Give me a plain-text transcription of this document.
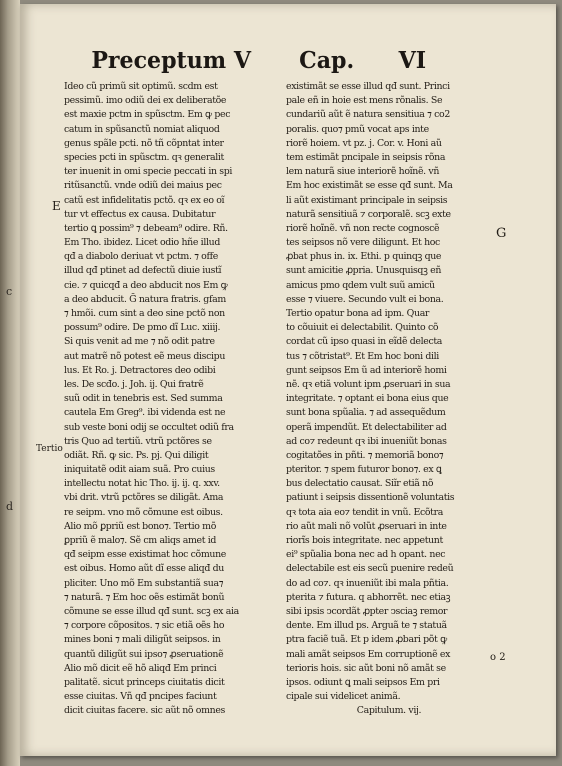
c
d
Preceptum V Cap. VI
Ideo cũ primũ sit optimũ. scdm est
pessimũ. imo odiũ dei ex deliberatõe
est maxie pctm in spũsctm. Em ꝙ pec
catum in spũsanctũ nomiat aliquod
genus spãle pcti. nõ tñ cõpntat inter
species pcti in spũsctm. qꝛ generalit
ter inuenit in omi specie peccati in spi
ritũsanctũ. vnde odiũ dei maius pec
catũ est infidelitatis pctõ. qꝛ ex eo oĩ
tur vt effectus ex causa. Dubitatur
tertio ꝗ possim⁹ ⁊ debeam⁹ odire. Rñ.
Em Tho. ibidez. Licet odio hñe illud
qđ a diabolo deriuat vt pctm. ⁊ offe
illud qđ ptinet ad defectũ diuie iustĩ
cie. ⁊ quicqđ a deo abducit nos Em ꝙ
a deo abducit. Ḡ natura fratris. gfam
⁊ hmõi. cum sint a deo sine pctõ non
possum⁹ odire. De pmo dĩ Luc. xiiij.
Si quis venit ad me ⁊ nõ odit patre
aut matrẽ nõ potest eẽ meus discipu
lus. Et Ro. j. Detractores deo odibi
les. De scđo. j. Joh. ij. Qui fratrẽ
suũ odit in tenebris est. Sed summa
cautela Em Greg⁹. ibi videnda est ne
sub veste boni odij se occultet odiũ fra
tris Quo ad tertiũ. vtrũ pctõres se
odiãt. Rñ. ꝙ sic. Ps. pj. Qui diligit
iniquitatẽ odit aiam suã. Pro cuius
intellectu notat hic Tho. ij. ij. q. xxv.
vbi drit. vtrũ pctõres se diligãt. Ama
re seipm. vno mõ cõmune est oibus.
Alio mõ ꝑpriũ est bono⁊. Tertio mõ
ꝑpriũ ẽ malo⁊. Sẽ cm aliqs amet id
qđ seipm esse existimat hoc cõmune
est oibus. Homo aũt dĩ esse aliqđ du
pliciter. Uno mõ Em substantiã sua⁊
⁊ naturã. ⁊ Em hoc oẽs estimãt bonũ
cõmune se esse illud qđ sunt. scꝫ ex aia
⁊ corpore cõpositos. ⁊ sic etiã oẽs ho
mines boni ⁊ mali diligũt seipsos. in
quantũ diligũt sui ipso⁊ ꝓseruationẽ
Alio mõ dicit eẽ hõ aliqđ Em princi
palitatẽ. sicut princeps ciuitatis dicit
esse ciuitas. Vñ qđ pncipes faciunt
dicit ciuitas facere. sic aũt nõ omnes
existimãt se esse illud qđ sunt. Princi
pale eñ in hoie est mens rõnalis. Se
cundariũ aũt ẽ natura sensitiua ⁊ co2
poralis. quo⁊ pmũ vocat aps inte
riorẽ hoiem. vt pz. j. Cor. v. Honi aũ
tem estimãt pncipale in seipsis rõna
lem naturã siue interiorẽ hoĩnẽ. vñ
Em hoc existimãt se esse qđ sunt. Ma
li aũt existimant principale in seipsis
naturã sensitiuã ⁊ corporalẽ. scꝫ exte
riorẽ hoĩnẽ. vñ non recte cognoscẽ
tes seipsos nõ vere diligunt. Et hoc
ꝓbat phus in. ix. Ethi. p quinqꝫ que
sunt amicitie ꝓpria. Unusquisqꝫ eñ
amicus pmo qdem vult suũ amicũ
esse ⁊ viuere. Secundo vult ei bona.
Tertio opatur bona ad ipm. Quar
to cõuiuit ei delectabilit. Quinto cõ
cordat cũ ipso quasi in eĩdẽ delecta
tus ⁊ cõtristat⁹. Et Em hoc boni dili
gunt seipsos Em ũ ad interiorẽ homi
nẽ. qꝛ etiã volunt ipm ꝓseruari in sua
integritate. ⁊ optant ei bona eius que
sunt bona spũalia. ⁊ ad assequẽdum
operã impendũt. Et delectabiliter ad
ad co⁊ redeunt qꝛ ibi inueniũt bonas
cogitatões in pñti. ⁊ memoriã bono⁊
pteritor. ⁊ spem futuror bono⁊. ex ꝗ
bus delectatio causat. Siĩr etiã nõ
patiunt i seipsis dissentionẽ voluntatis
qꝛ tota aia eo⁊ tendit in vnũ. Ecõtra
rio aũt mali nõ volũt ꝓseruari in inte
riorĩs bois integritate. nec appetunt
ei⁹ spũalia bona nec ad h opant. nec
delectabile est eis secũ puenire redeũ
do ad co⁊. qꝛ inueniũt ibi mala pñtia.
pterita ⁊ futura. q abhorrẽt. nec etiaꝫ
sibi ipsis ↄcordãt ꝓpter ↄsciaꝫ remor
dente. Em illud ps. Arguã te ⁊ statuã
ptra faciẽ tuã. Et p idem ꝓbari põt ꝙ
mali amãt seipsos Em corruptionẽ ex
terioris hois. sic aũt boni nõ amãt se
ipsos. odiunt ꝗ mali seipsos Em pri
cipale sui videlicet animã.
Capitulum. vij.
E
Tertio
G
o 2
